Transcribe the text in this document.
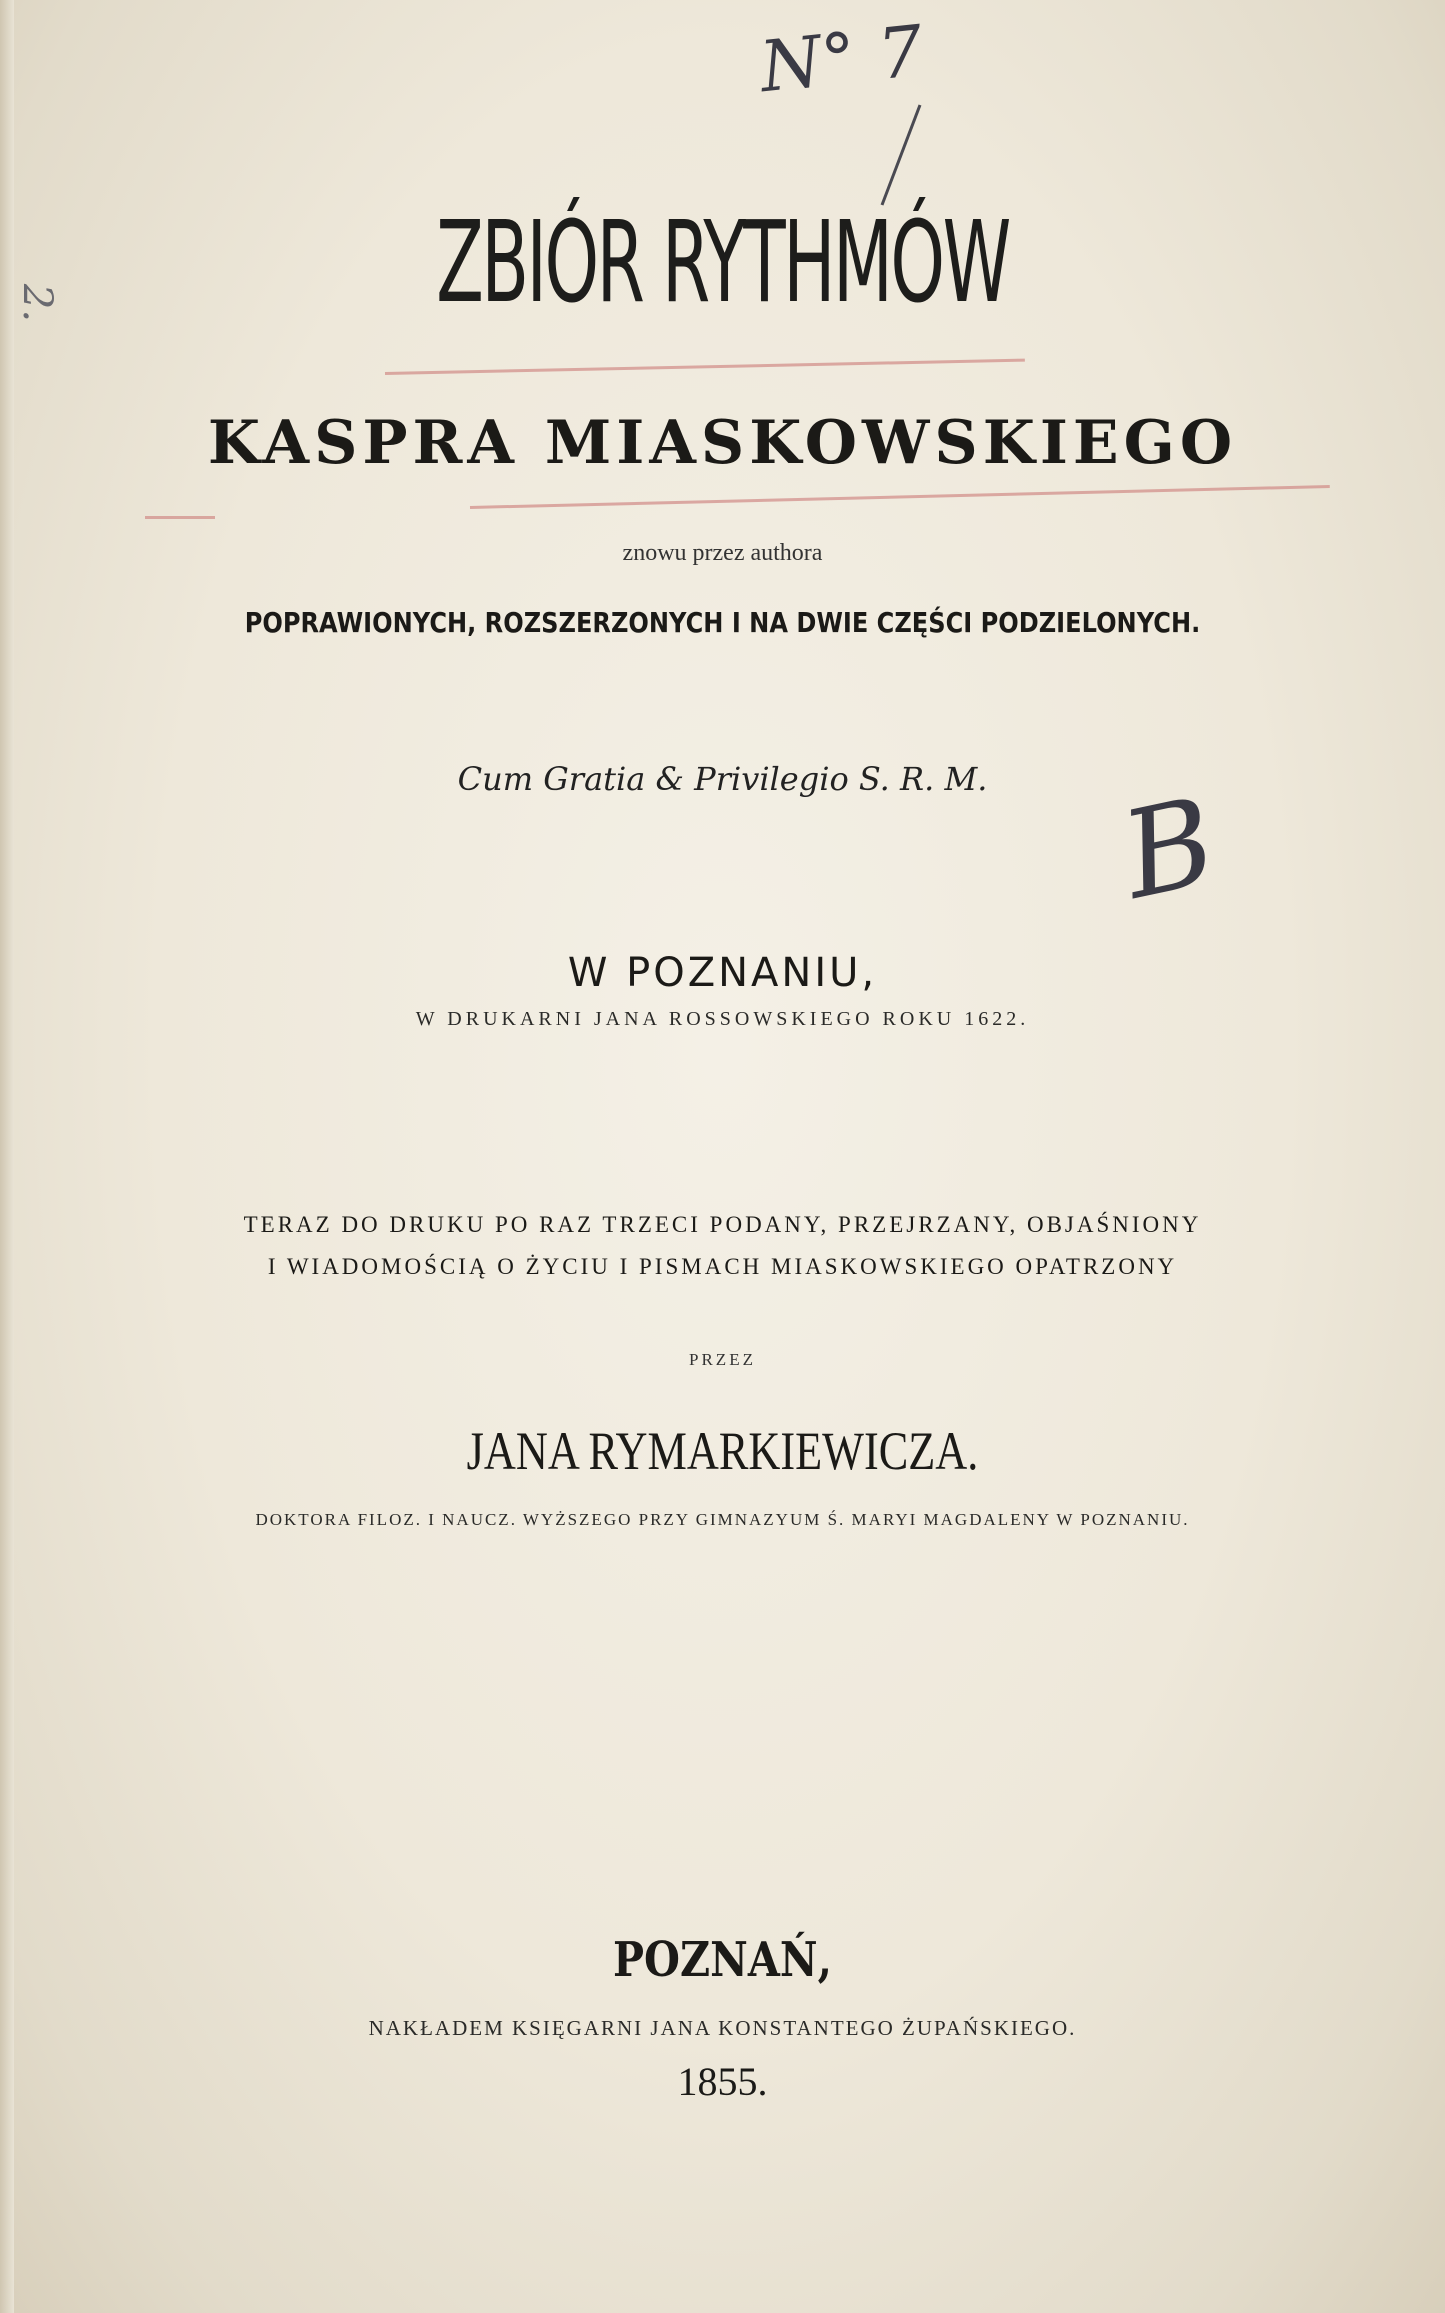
N° 7
B
2.	ZBIÓR RYTHMÓW
KASPRA MIASKOWSKIEGO
znowu przez authora
POPRAWIONYCH, ROZSZERZONYCH I NA DWIE CZĘŚCI PODZIELONYCH.
Cum Gratia & Privilegio S. R. M.
W POZNANIU,
W DRUKARNI JANA ROSSOWSKIEGO ROKU 1622.
TERAZ DO DRUKU PO RAZ TRZECI PODANY, PRZEJRZANY, OBJAŚNIONY
I WIADOMOŚCIĄ O ŻYCIU I PISMACH MIASKOWSKIEGO OPATRZONY
PRZEZ
JANA RYMARKIEWICZA.
DOKTORA FILOZ. I NAUCZ. WYŻSZEGO PRZY GIMNAZYUM Ś. MARYI MAGDALENY W POZNANIU.
POZNAŃ,
NAKŁADEM KSIĘGARNI JANA KONSTANTEGO ŻUPAŃSKIEGO.
1855.
